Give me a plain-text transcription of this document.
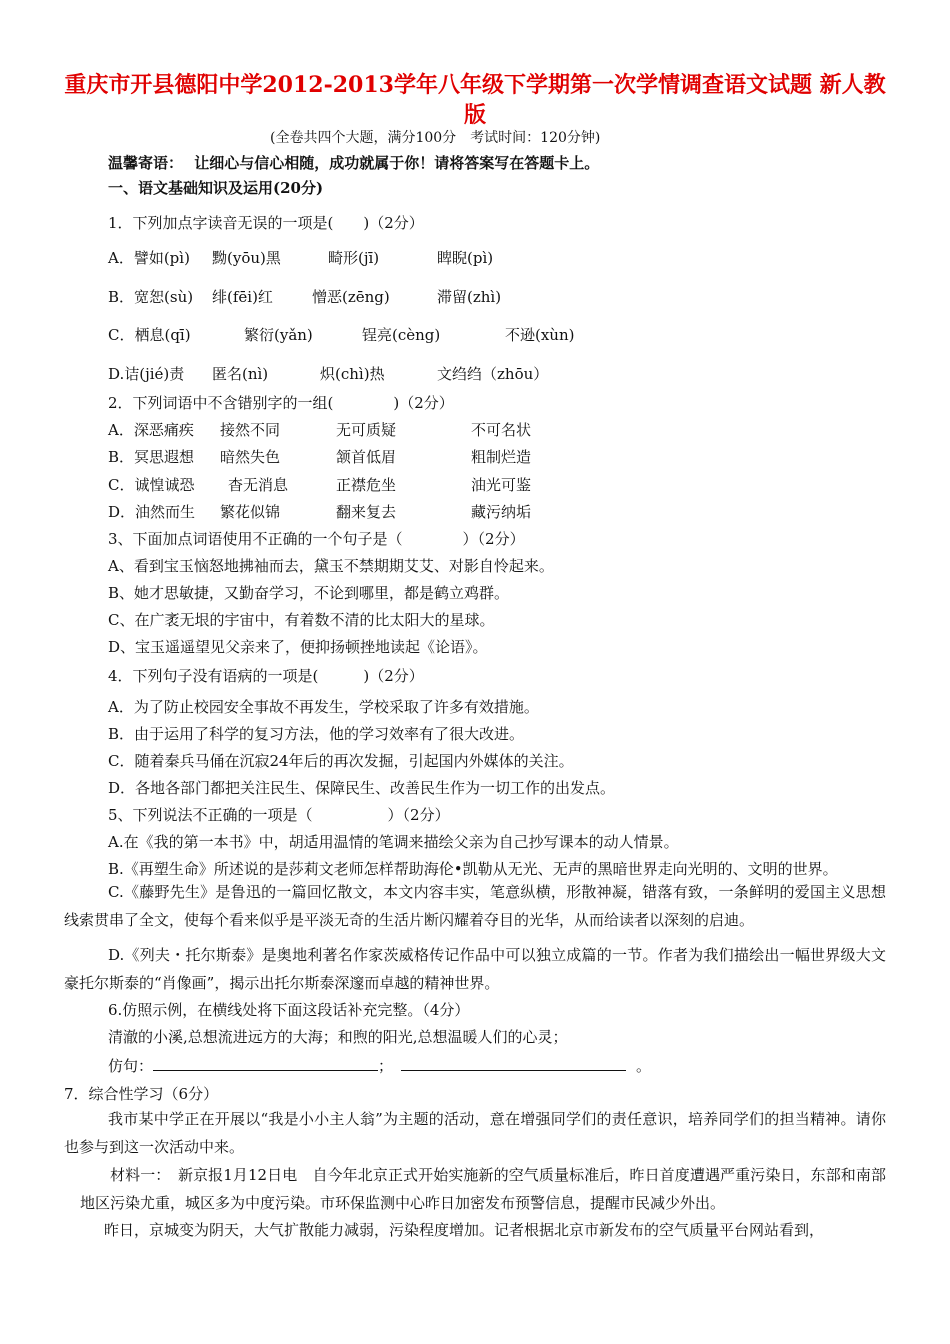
重庆市开县德阳中学2012-2013学年八年级下学期第一次学情调查语文试题 新人教版
(全卷共四个大题，满分100分　考试时间：120分钟)
温馨寄语： 让细心与信心相随，成功就属于你！请将答案写在答题卡上。
一、语文基础知识及运用(20分)
1．下列加点字读音无误的一项是(　　)（2分）
A．譬如(pì) 黝(yōu)黑	畸形(jī)	睥睨(pì)
B．宽恕(sù) 绯(fēi)红	憎恶(zēng)	滞留(zhì)
C．栖息(qī)	繁衍(yǎn)	锃亮(cèng)	不逊(xùn)
D.诘(jié)责 匿名(nì)	炽(chì)热	文绉绉（zhōu）
2．下列词语中不含错别字的一组(　　　　)（2分）
A．深恶痛疾 接然不同	无可质疑	不可名状
B．冥思遐想 暗然失色	颔首低眉	粗制烂造
C．诚惶诚恐 杳无消息	正襟危坐	油光可鉴
D．油然而生 繁花似锦	翻来复去	藏污纳垢
3、下面加点词语使用不正确的一个句子是（　　　　）（2分）
A、看到宝玉恼怒地拂袖而去，黛玉不禁期期艾艾、对影自怜起来。
B、她才思敏捷，又勤奋学习，不论到哪里，都是鹤立鸡群。
C、在广袤无垠的宇宙中，有着数不清的比太阳大的星球。
D、宝玉遥遥望见父亲来了，便抑扬顿挫地读起《论语》。
4．下列句子没有语病的一项是(　　　)（2分）
A．为了防止校园安全事故不再发生，学校采取了许多有效措施。
B．由于运用了科学的复习方法，他的学习效率有了很大改进。
C．随着秦兵马俑在沉寂24年后的再次发掘，引起国内外媒体的关注。
D．各地各部门都把关注民生、保障民生、改善民生作为一切工作的出发点。
5、下列说法不正确的一项是（　　　　　）（2分）
A.在《我的第一本书》中，胡适用温情的笔调来描绘父亲为自己抄写课本的动人情景。
B.《再塑生命》所述说的是莎莉文老师怎样帮助海伦•凯勒从无光、无声的黑暗世界走向光明的、文明的世界。
C.《藤野先生》是鲁迅的一篇回忆散文，本文内容丰实，笔意纵横，形散神凝，错落有致，一条鲜明的爱国主义思想线索贯串了全文，使每个看来似乎是平淡无奇的生活片断闪耀着夺目的光华，从而给读者以深刻的启迪。
D.《列夫・托尔斯泰》是奥地利著名作家茨威格传记作品中可以独立成篇的一节。作者为我们描绘出一幅世界级大文豪托尔斯泰的“肖像画”，揭示出托尔斯泰深邃而卓越的精神世界。
6.仿照示例，在横线处将下面这段话补充完整。（4分）
清澈的小溪,总想流进远方的大海；和煦的阳光,总想温暖人们的心灵；
仿句：	；	。
7．综合性学习（6分）
我市某中学正在开展以“我是小小主人翁”为主题的活动，意在增强同学们的责任意识，培养同学们的担当精神。请你也参与到这一次活动中来。
材料一：　新京报1月12日电　自今年北京正式开始实施新的空气质量标准后，昨日首度遭遇严重污染日，东部和南部地区污染尤重，城区多为中度污染。市环保监测中心昨日加密发布预警信息，提醒市民减少外出。
昨日，京城变为阴天，大气扩散能力减弱，污染程度增加。记者根据北京市新发布的空气质量平台网站看到，
